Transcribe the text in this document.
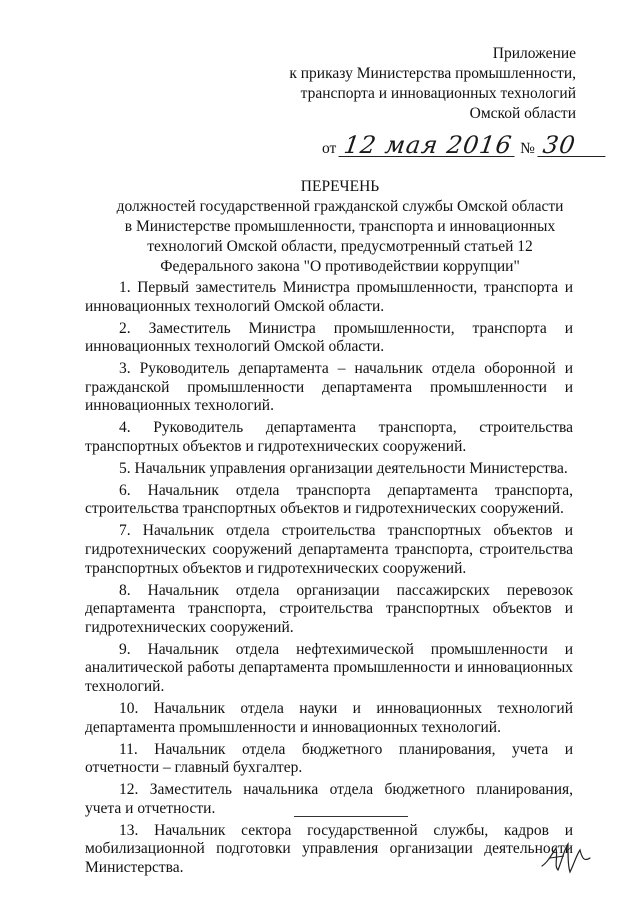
Приложение
к приказу Министерства промышленности,
транспорта и инновационных технологий
Омской области
от 12 мая 2016 № 30
ПЕРЕЧЕНЬ
должностей государственной гражданской службы Омской области
в Министерстве промышленности, транспорта и инновационных
технологий Омской области, предусмотренный статьей 12
Федерального закона "О противодействии коррупции"
1. Первый заместитель Министра промышленности, транспорта и инновационных технологий Омской области.
2. Заместитель Министра промышленности, транспорта и инновационных технологий Омской области.
3. Руководитель департамента – начальник отдела оборонной и гражданской промышленности департамента промышленности и инновационных технологий.
4. Руководитель департамента транспорта, строительства транспортных объектов и гидротехнических сооружений.
5. Начальник управления организации деятельности Министерства.
6. Начальник отдела транспорта департамента транспорта, строительства транспортных объектов и гидротехнических сооружений.
7. Начальник отдела строительства транспортных объектов и гидротехнических сооружений департамента транспорта, строительства транспортных объектов и гидротехнических сооружений.
8. Начальник отдела организации пассажирских перевозок департамента транспорта, строительства транспортных объектов и гидротехнических сооружений.
9. Начальник отдела нефтехимической промышленности и аналитической работы департамента промышленности и инновационных технологий.
10. Начальник отдела науки и инновационных технологий департамента промышленности и инновационных технологий.
11. Начальник отдела бюджетного планирования, учета и отчетности – главный бухгалтер.
12. Заместитель начальника отдела бюджетного планирования, учета и отчетности.
13. Начальник сектора государственной службы, кадров и мобилизационной подготовки управления организации деятельности Министерства.
